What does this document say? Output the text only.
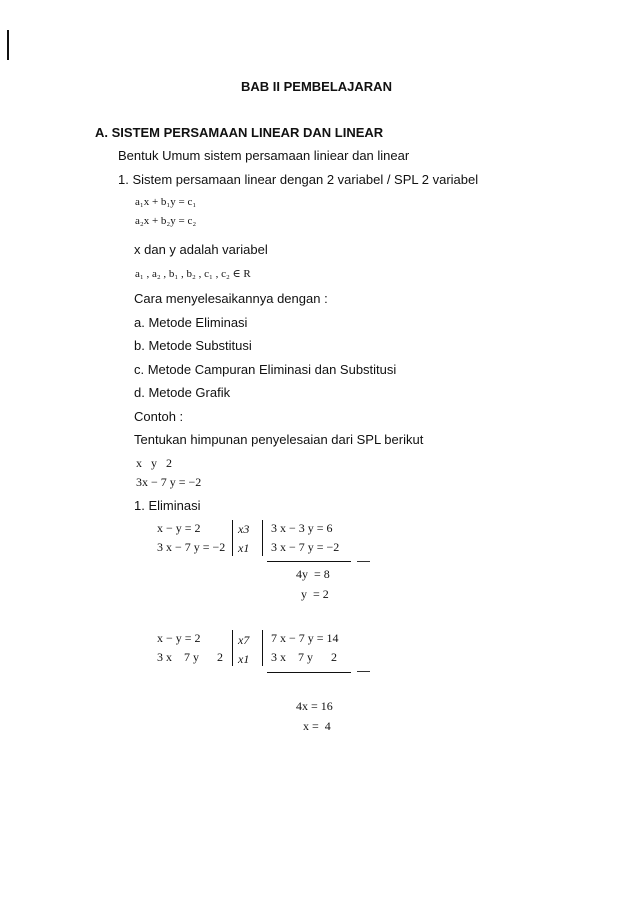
BAB II PEMBELAJARAN
A. SISTEM PERSAMAAN LINEAR DAN LINEAR
Bentuk Umum sistem persamaan liniear dan linear
1. Sistem persamaan linear dengan 2 variabel / SPL 2 variabel
a₁x + b₁y = c₁
a₂x + b₂y = c₂
x dan y adalah variabel
a₁ , a₂ , b₁ , b₂ , c₁ , c₂ ∈ R
Cara menyelesaikannya dengan :
a. Metode Eliminasi
b. Metode Substitusi
c. Metode Campuran Eliminasi dan Substitusi
d. Metode Grafik
Contoh :
Tentukan himpunan penyelesaian dari SPL berikut
x   y   2
3x − 7 y = −2
1. Eliminasi
x − y = 2
3 x − 7 y = −2
x3
x1
3 x − 3 y = 6
3 x − 7 y = −2
—
4y  = 8
y  = 2
x − y = 2
3 x    7 y      2
x7
x1
7 x − 7 y = 14
3 x    7 y      2
—
4x = 16
x =  4
